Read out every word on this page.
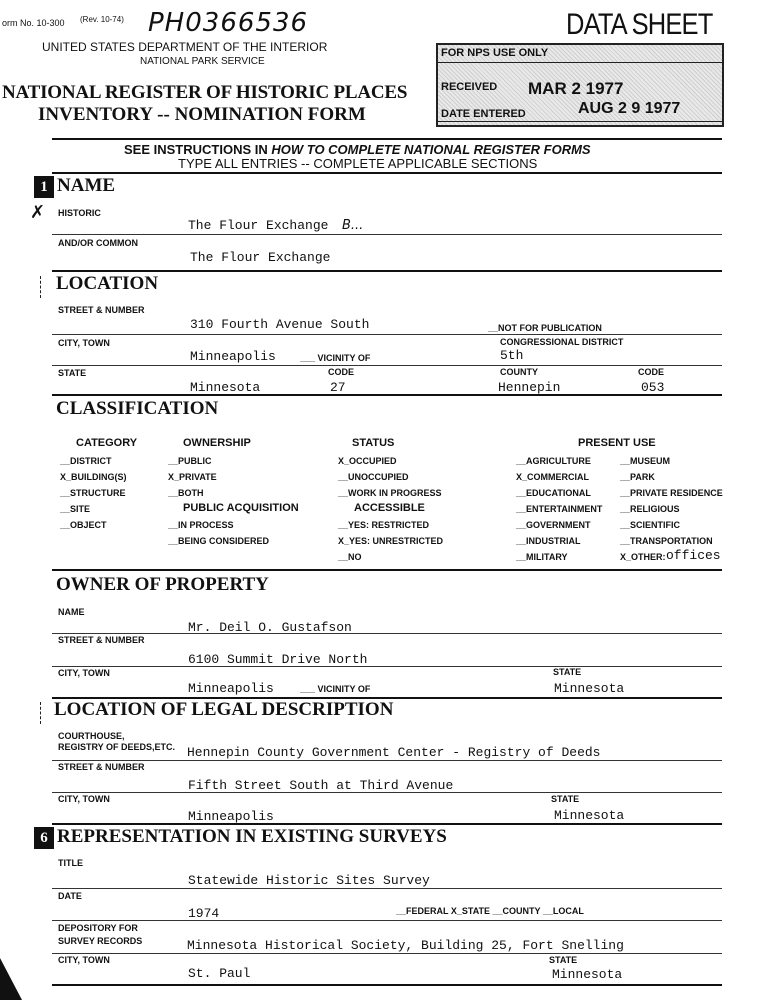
orm No. 10-300 (Rev. 10-74) PH0366536	DATA SHEET
UNITED STATES DEPARTMENT OF THE INTERIOR
NATIONAL PARK SERVICE
NATIONAL REGISTER OF HISTORIC PLACES
INVENTORY -- NOMINATION FORM
FOR NPS USE ONLY
RECEIVED MAR 2 1977
DATE ENTERED	AUG 2 9 1977
SEE INSTRUCTIONS IN HOW TO COMPLETE NATIONAL REGISTER FORMS
TYPE ALL ENTRIES -- COMPLETE APPLICABLE SECTIONS
1 NAME
✗ HISTORIC
The Flour Exchange B...
AND/OR COMMON
The Flour Exchange
LOCATION
STREET & NUMBER
310 Fourth Avenue South	__NOT FOR PUBLICATION
CITY, TOWN	CONGRESSIONAL DISTRICT
Minneapolis	___ VICINITY OF	5th
STATE	CODE	COUNTY	CODE
Minnesota	27	Hennepin	053
CLASSIFICATION
CATEGORY
__DISTRICT
X_BUILDING(S)
__STRUCTURE
__SITE
__OBJECT
OWNERSHIP
__PUBLIC
X_PRIVATE
__BOTH
PUBLIC ACQUISITION
__IN PROCESS
__BEING CONSIDERED
STATUS
X_OCCUPIED
__UNOCCUPIED
__WORK IN PROGRESS
ACCESSIBLE
__YES: RESTRICTED
X_YES: UNRESTRICTED
__NO
PRESENT USE
__AGRICULTURE
X_COMMERCIAL
__EDUCATIONAL
__ENTERTAINMENT
__GOVERNMENT
__INDUSTRIAL
__MILITARY
__MUSEUM
__PARK
__PRIVATE RESIDENCE
__RELIGIOUS
__SCIENTIFIC
__TRANSPORTATION
X_OTHER: offices
OWNER OF PROPERTY
NAME
Mr. Deil O. Gustafson
STREET & NUMBER
6100 Summit Drive North
CITY, TOWN	STATE
Minneapolis	___ VICINITY OF	Minnesota
LOCATION OF LEGAL DESCRIPTION
COURTHOUSE,
REGISTRY OF DEEDS,ETC. Hennepin County Government Center - Registry of Deeds
STREET & NUMBER
Fifth Street South at Third Avenue
CITY, TOWN	STATE
Minneapolis	Minnesota
6 REPRESENTATION IN EXISTING SURVEYS
TITLE
Statewide Historic Sites Survey
DATE
1974	__FEDERAL X_STATE __COUNTY __LOCAL
DEPOSITORY FOR
SURVEY RECORDS	Minnesota Historical Society, Building 25, Fort Snelling
CITY, TOWN	STATE
St. Paul	Minnesota
